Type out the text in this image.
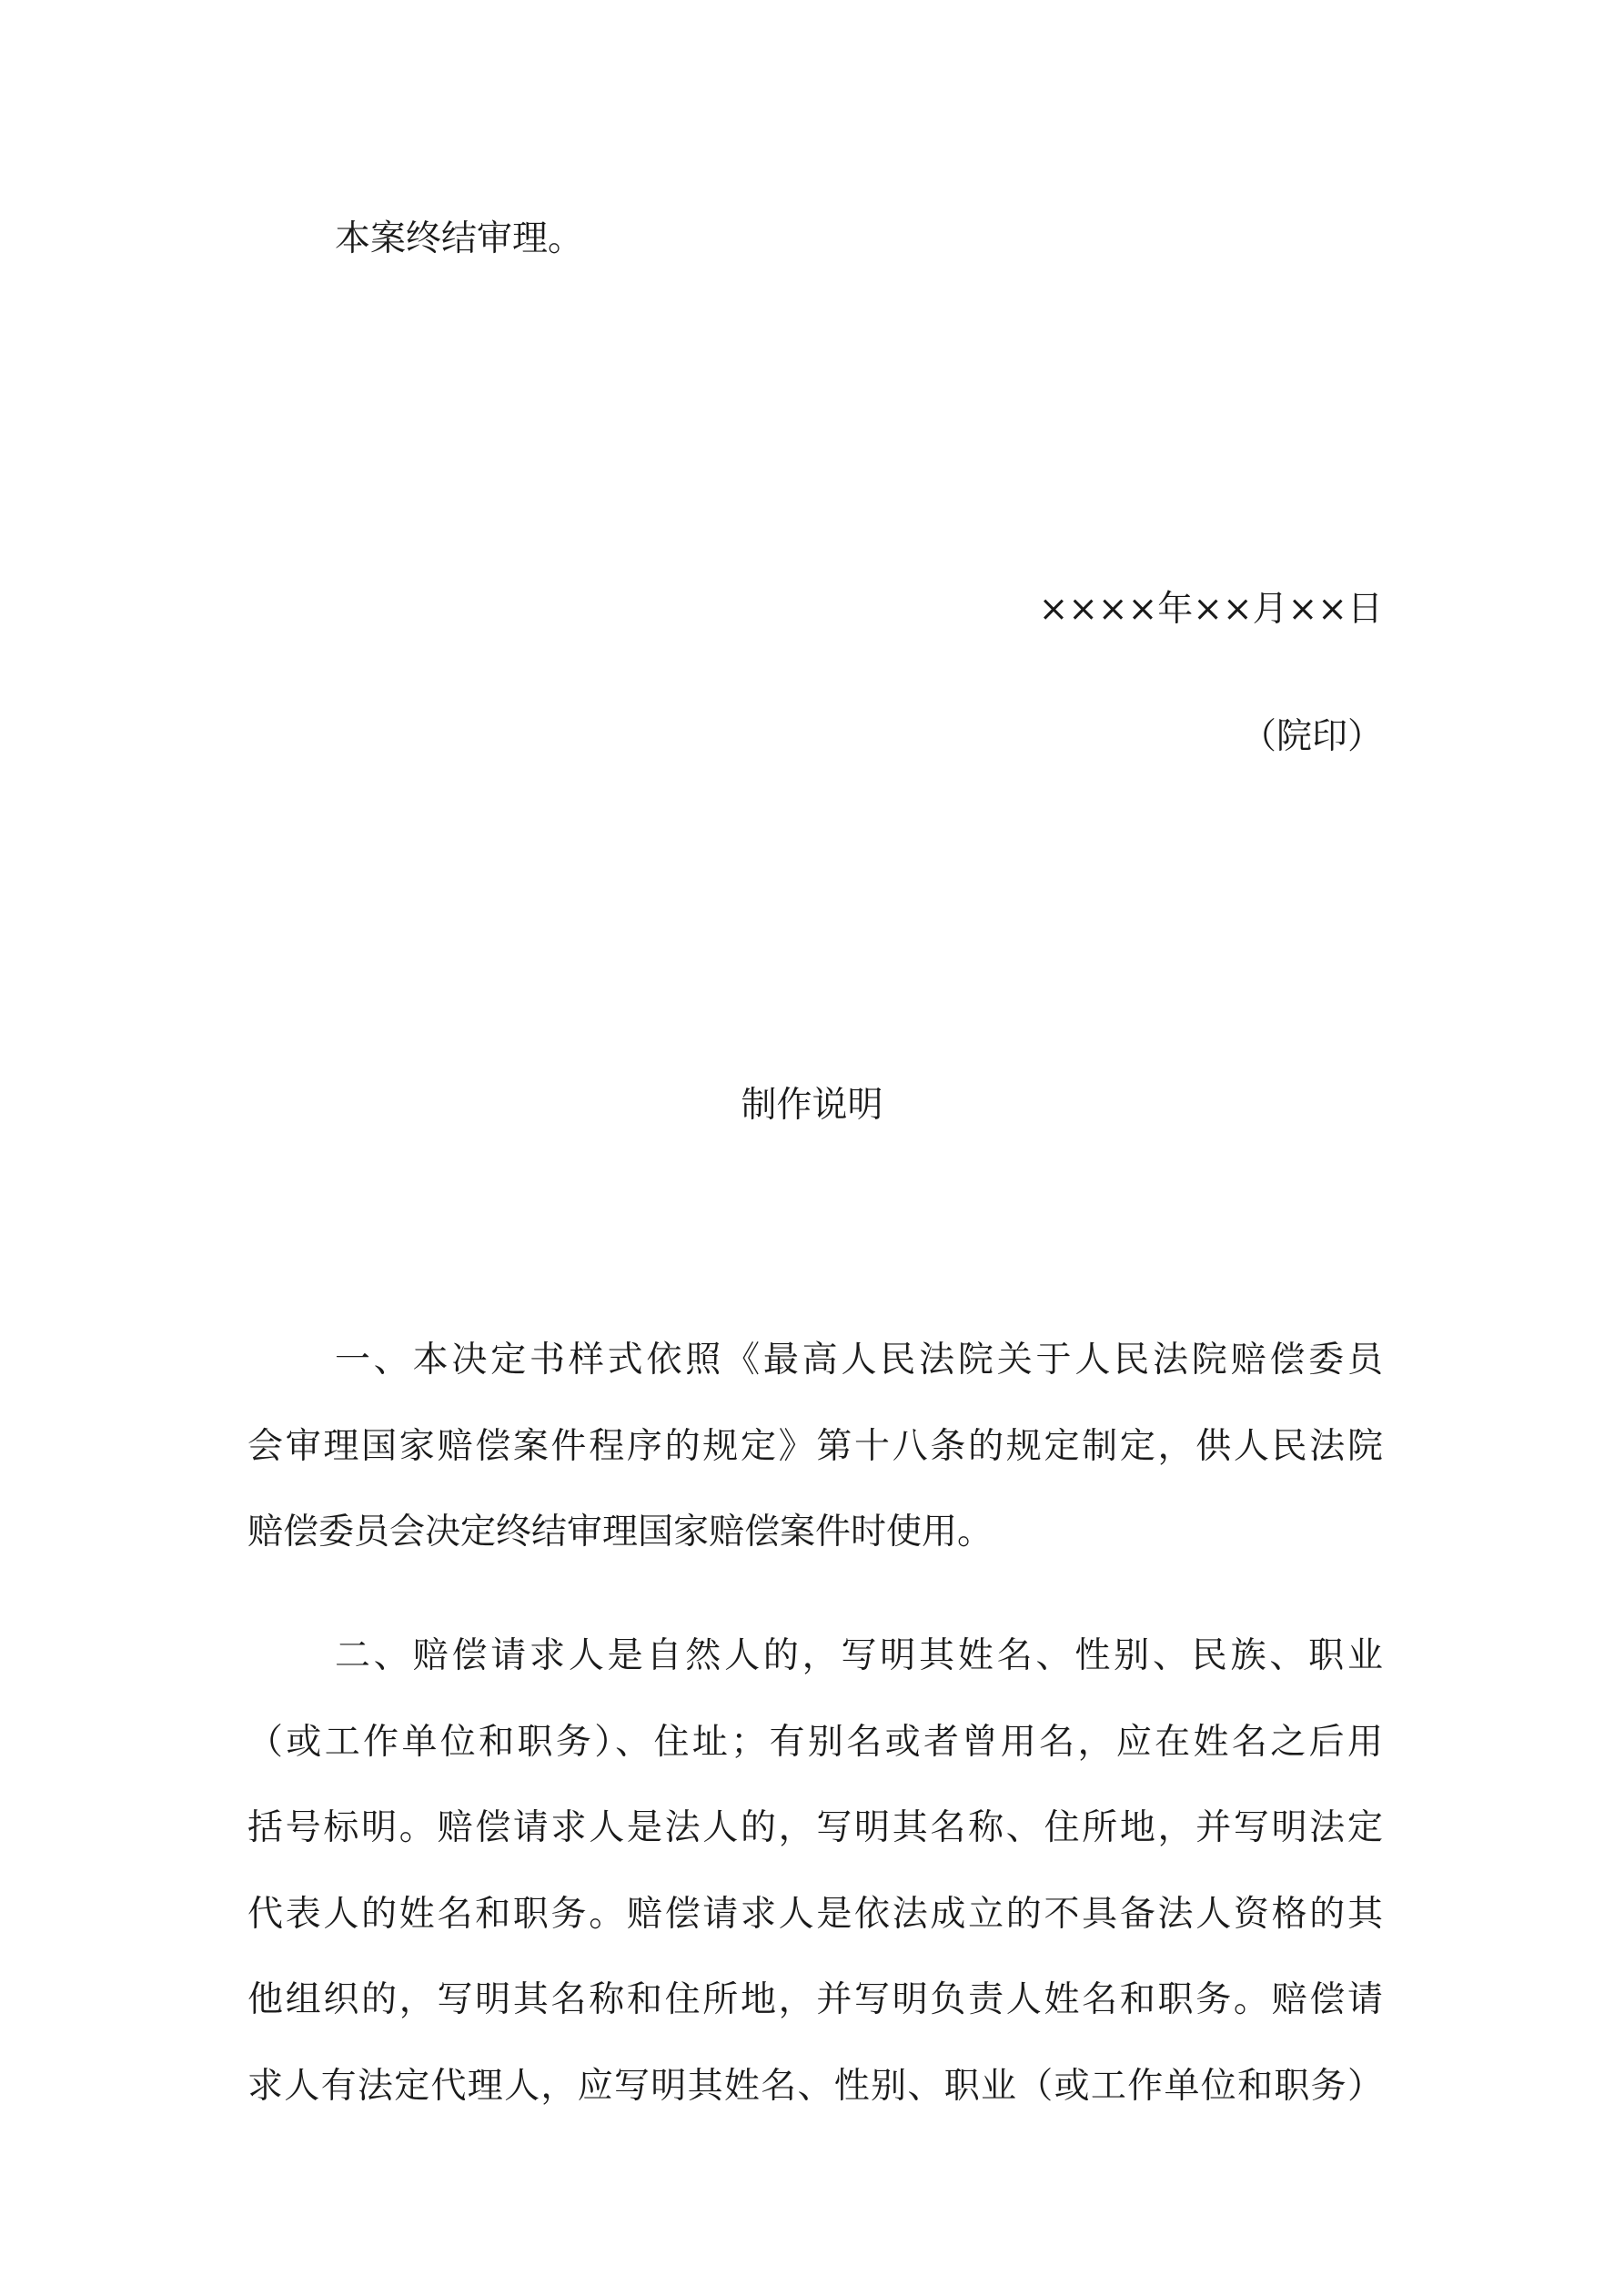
本案终结审理。

××××年××月××日

（院印）

制作说明
一、本决定书样式依照《最高人民法院关于人民法院赔偿委员
会审理国家赔偿案件程序的规定》第十八条的规定制定，供人民法院
赔偿委员会决定终结审理国家赔偿案件时使用。
二、赔偿请求人是自然人的，写明其姓名、性别、民族、职业
（或工作单位和职务）、住址；有别名或者曾用名，应在姓名之后用
括号标明。赔偿请求人是法人的，写明其名称、住所地，并写明法定
代表人的姓名和职务。赔偿请求人是依法成立的不具备法人资格的其
他组织的，写明其名称和住所地，并写明负责人姓名和职务。赔偿请
求人有法定代理人，应写明其姓名、性别、职业（或工作单位和职务）
